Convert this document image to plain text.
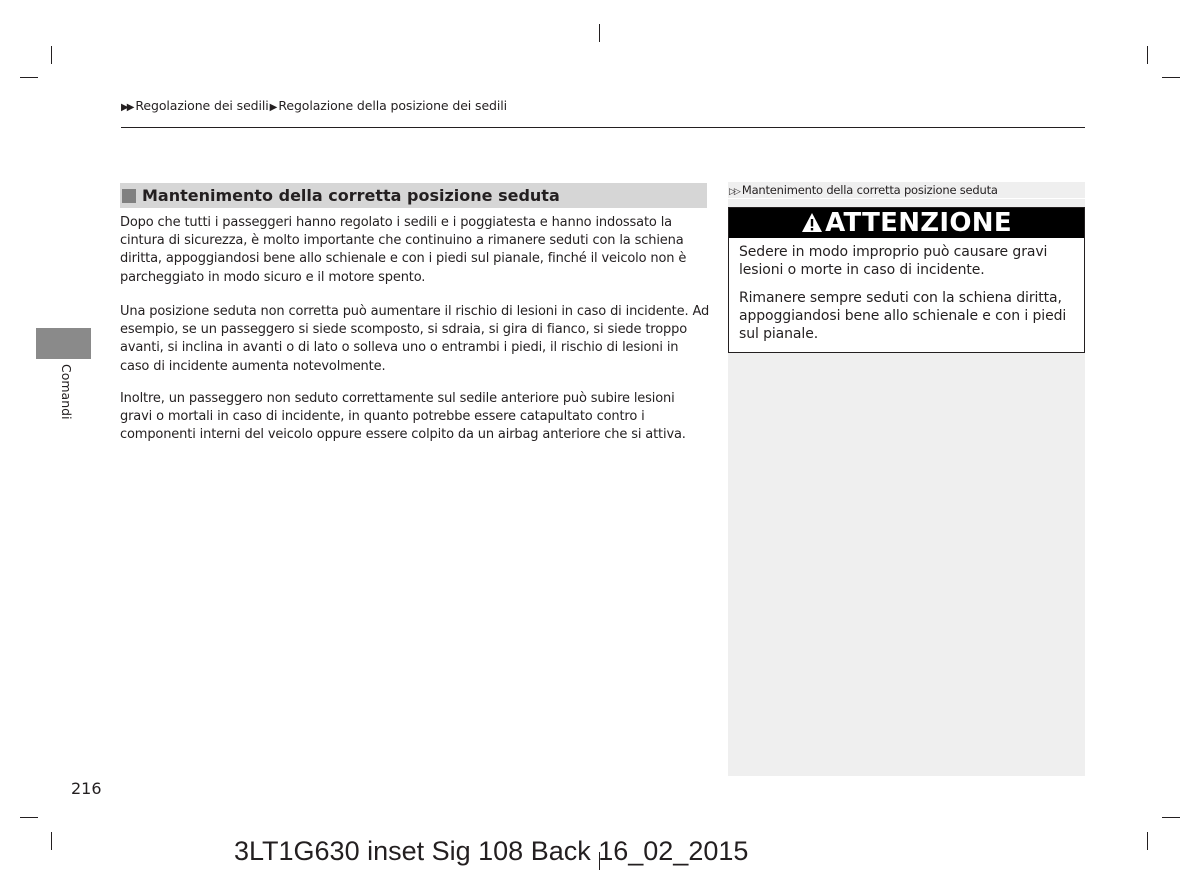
▶▶ Regolazione dei sedili▶ Regolazione della posizione dei sedili
Comandi
Mantenimento della corretta posizione seduta
Dopo che tutti i passeggeri hanno regolato i sedili e i poggiatesta e hanno indossato la cintura di sicurezza, è molto importante che continuino a rimanere seduti con la schiena diritta, appoggiandosi bene allo schienale e con i piedi sul pianale, finché il veicolo non è parcheggiato in modo sicuro e il motore spento.
Una posizione seduta non corretta può aumentare il rischio di lesioni in caso di incidente. Ad esempio, se un passeggero si siede scomposto, si sdraia, si gira di fianco, si siede troppo avanti, si inclina in avanti o di lato o solleva uno o entrambi i piedi, il rischio di lesioni in caso di incidente aumenta notevolmente.
Inoltre, un passeggero non seduto correttamente sul sedile anteriore può subire lesioni gravi o mortali in caso di incidente, in quanto potrebbe essere catapultato contro i componenti interni del veicolo oppure essere colpito da un airbag anteriore che si attiva.
▷▷ Mantenimento della corretta posizione seduta
ATTENZIONE
Sedere in modo improprio può causare gravi lesioni o morte in caso di incidente.
Rimanere sempre seduti con la schiena diritta, appoggiandosi bene allo schienale e con i piedi sul pianale.
216
3LT1G630 inset Sig 108 Back 16_02_2015
